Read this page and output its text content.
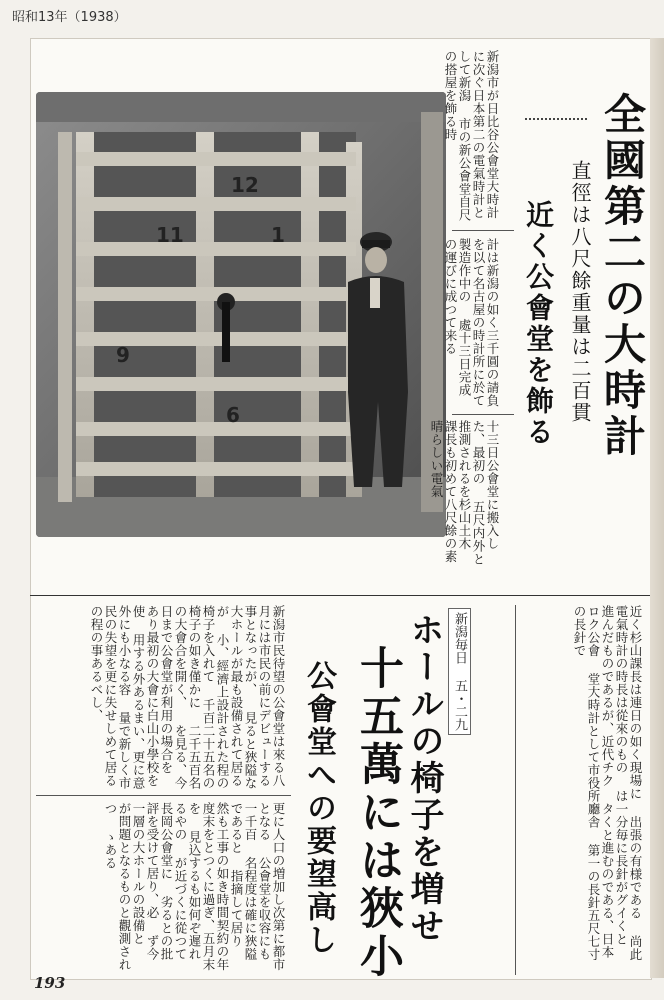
昭和13年（1938）
12
11	1
9
6
新潟市が日比谷公會堂大時計に次ぐ日本第二の電氣時計として新潟 市の新公會堂自尺の搭屋を飾る時
計は新潟の如く三千圓の請負を以て名古屋の時計所に於て製造作中の 處十三日完成の運びに成つて来る
十三日公會堂に搬入した、最初の 五尺内外と推測されるを杉山土木 課長も初めて八尺餘の素晴らしい電氣
近く公會堂を飾る 直徑は八尺餘重量は二百貫 全國第二の大時計
近く杉山課長は連日の如く現場に 出張の有様である 尚此電氣時計の時長は從來のもの は一分毎に長針がグイくと 進んだものであるが、近代チク タくと進むのである、日本ロク公會 堂大時計として市役所廳舎 第一の長針五尺七寸の長針で
新潟毎日 五・二九
ホールの椅子を増せ
十五萬には狹小
公會堂への要望高し
新潟市民待望の公會堂は來る八月には市民の前にデビューする事となったが、 見ると狹隘な大ホールが最も設備されて居るが 小、經濟上設計された程の椅子を入れて 千百二十五名の椅子の如き僅かに 二千五百名の大會合を開く、 を見る、今日まで公會堂が利用の場合を あり最初の大會に白山小學校を使 用する外あるまい、更に意外にも小なる容 量で新しく市民の失望を更に失せしめて居る の程の事あるべし、
更に人口の増加し次第に都市となる 公會堂を収容にも一千百 名程度は確に狹隘であると 指摘して居り 然も工事の如き時間契約の年 度末をとつくに過ぎ、五月末を 見込するも如何ぞ遲れるやの が近づくに從つて長岡公會堂に 劣るとの批評を受けて居り、必 ず今一層の大ホールの設備と が問題となるものと觀測されつ ゝある
193
